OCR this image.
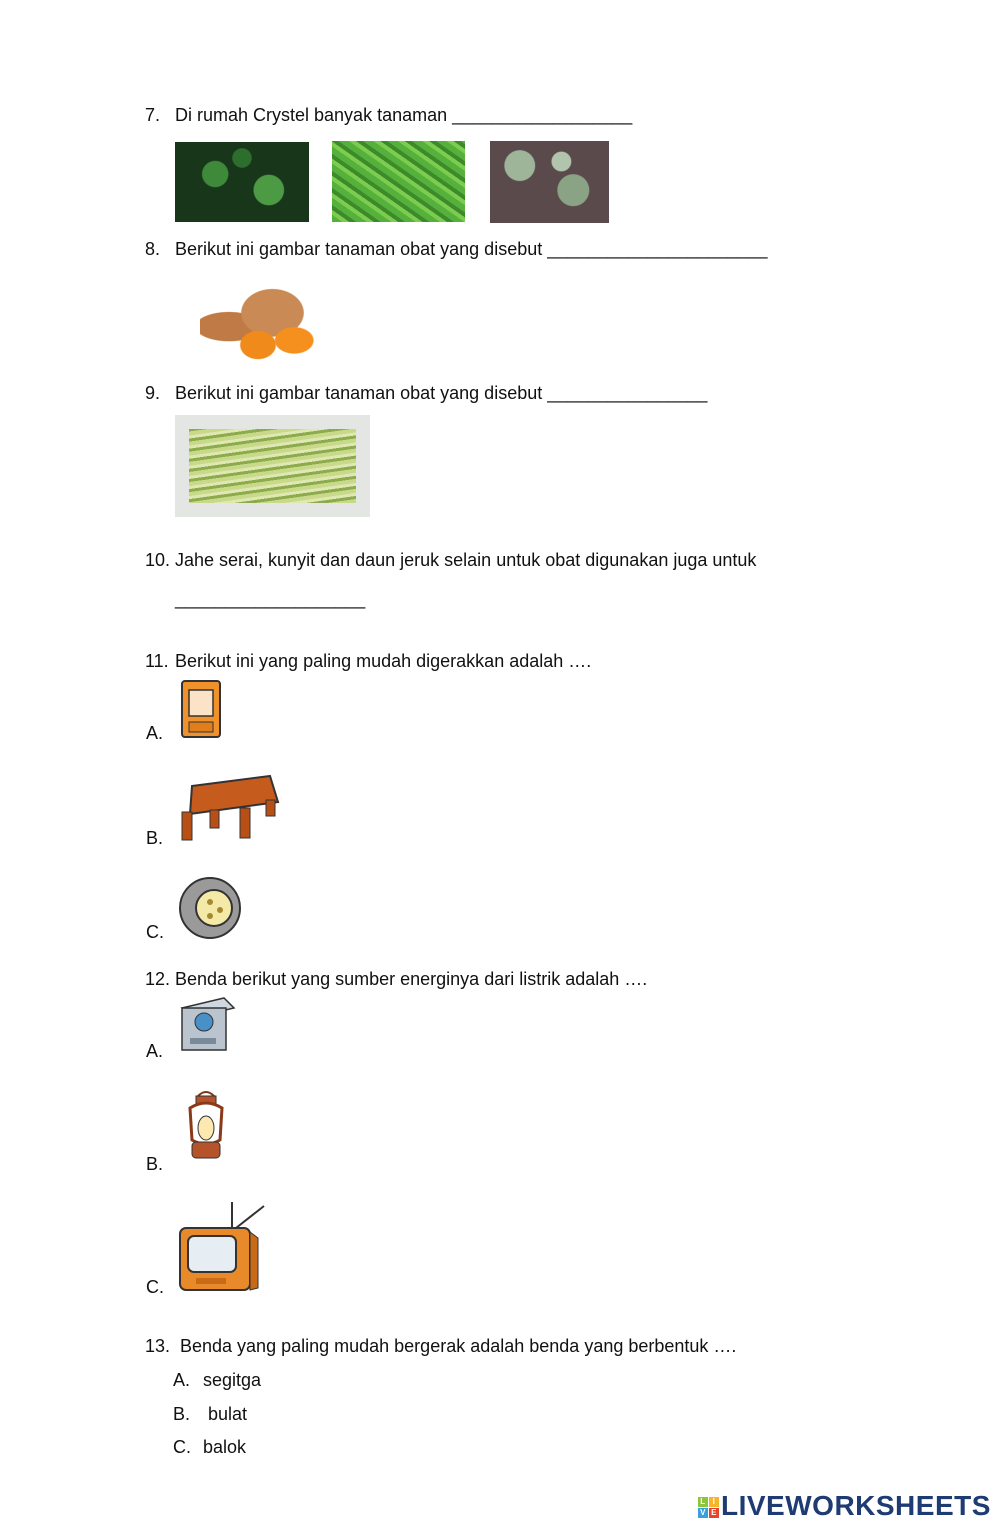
7. Di rumah Crystel banyak tanaman __________________
8. Berikut ini gambar tanaman obat yang disebut ______________________
9. Berikut ini gambar tanaman obat yang disebut ________________
10. Jahe serai, kunyit dan daun jeruk selain untuk obat digunakan juga untuk
___________________
11. Berikut ini yang paling mudah digerakkan adalah ….
A.
B.
C.
12. Benda berikut yang sumber energinya dari listrik adalah ….
A.
B.
C.
13. Benda yang paling mudah bergerak adalah benda yang berbentuk ….
A. segitga
B. bulat
C. balok
L I
V E LIVEWORKSHEETS
